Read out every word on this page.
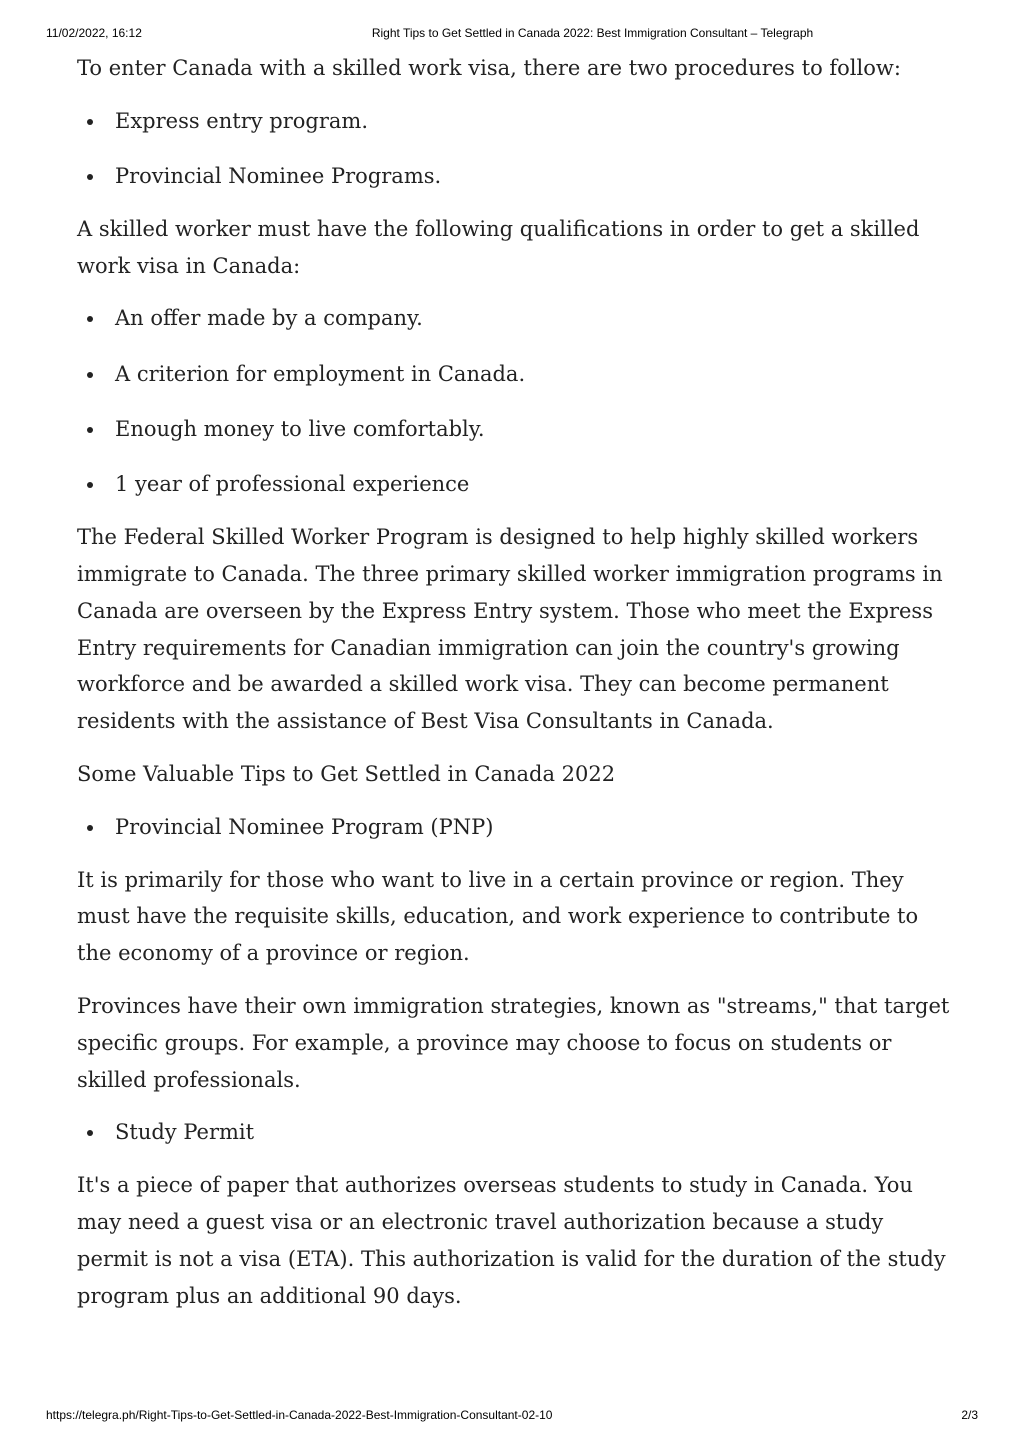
11/02/2022, 16:12	Right Tips to Get Settled in Canada 2022: Best Immigration Consultant – Telegraph

To enter Canada with a skilled work visa, there are two procedures to follow:

Express entry program.
Provincial Nominee Programs.

A skilled worker must have the following qualifications in order to get a skilled work visa in Canada:

An offer made by a company.
A criterion for employment in Canada.
Enough money to live comfortably.
1 year of professional experience

The Federal Skilled Worker Program is designed to help highly skilled workers immigrate to Canada. The three primary skilled worker immigration programs in Canada are overseen by the Express Entry system. Those who meet the Express Entry requirements for Canadian immigration can join the country's growing workforce and be awarded a skilled work visa. They can become permanent residents with the assistance of Best Visa Consultants in Canada.

Some Valuable Tips to Get Settled in Canada 2022

Provincial Nominee Program (PNP)

It is primarily for those who want to live in a certain province or region. They must have the requisite skills, education, and work experience to contribute to the economy of a province or region.

Provinces have their own immigration strategies, known as "streams," that target specific groups. For example, a province may choose to focus on students or skilled professionals.

Study Permit

It's a piece of paper that authorizes overseas students to study in Canada. You may need a guest visa or an electronic travel authorization because a study permit is not a visa (ETA). This authorization is valid for the duration of the study program plus an additional 90 days.

https://telegra.ph/Right-Tips-to-Get-Settled-in-Canada-2022-Best-Immigration-Consultant-02-10	2/3
